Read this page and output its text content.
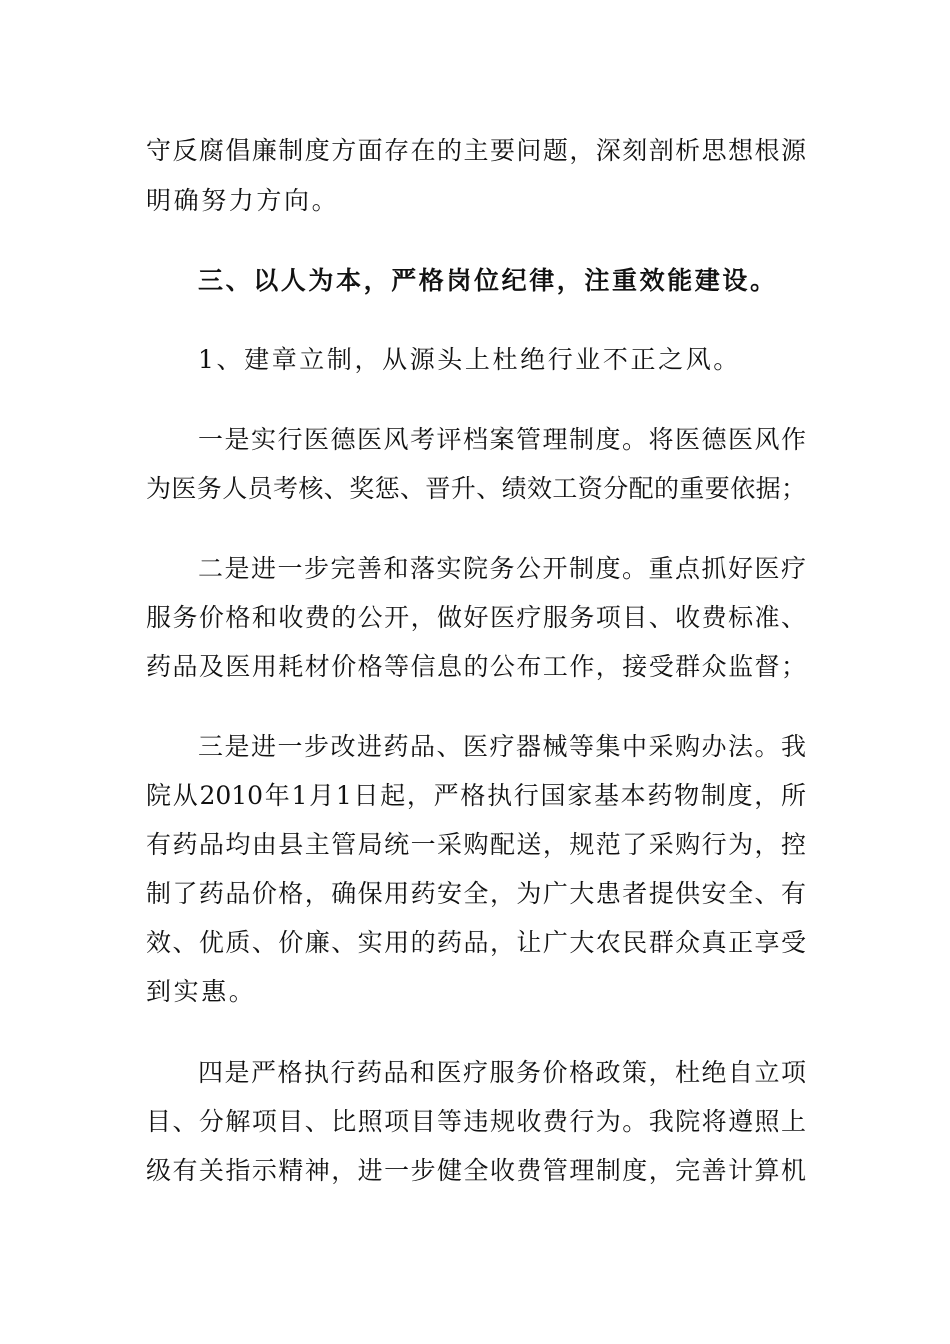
守反腐倡廉制度方面存在的主要问题，深刻剖析思想根源
明确努力方向。
三、以人为本，严格岗位纪律，注重效能建设。
1、建章立制，从源头上杜绝行业不正之风。
一是实行医德医风考评档案管理制度。将医德医风作
为医务人员考核、奖惩、晋升、绩效工资分配的重要依据；
二是进一步完善和落实院务公开制度。重点抓好医疗
服务价格和收费的公开，做好医疗服务项目、收费标准、
药品及医用耗材价格等信息的公布工作，接受群众监督；
三是进一步改进药品、医疗器械等集中采购办法。我
院从2010年1月1日起，严格执行国家基本药物制度，所
有药品均由县主管局统一采购配送，规范了采购行为，控
制了药品价格，确保用药安全，为广大患者提供安全、有
效、优质、价廉、实用的药品，让广大农民群众真正享受
到实惠。
四是严格执行药品和医疗服务价格政策，杜绝自立项
目、分解项目、比照项目等违规收费行为。我院将遵照上
级有关指示精神，进一步健全收费管理制度，完善计算机
